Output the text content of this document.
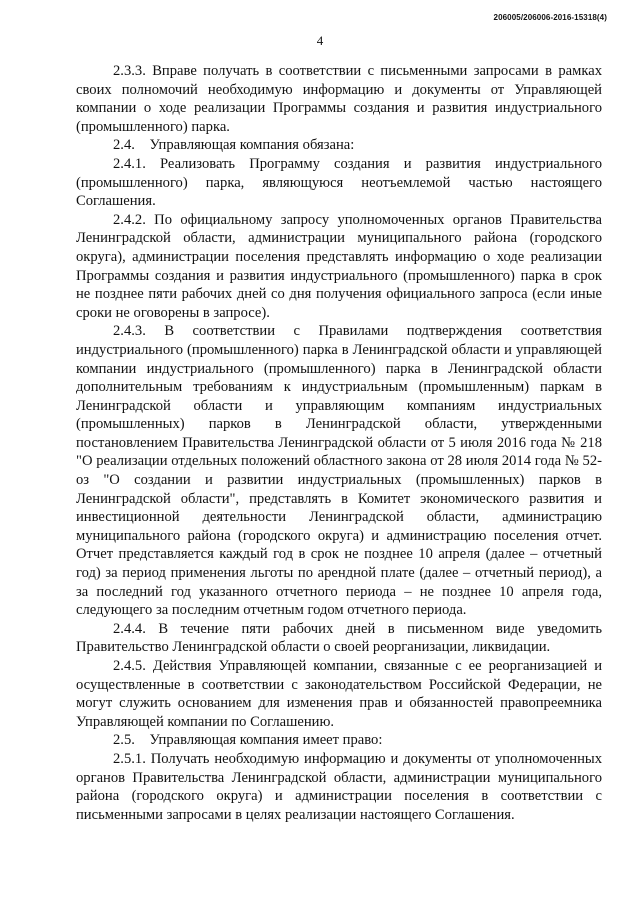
206005/206006-2016-15318(4)
4

2.3.3. Вправе получать в соответствии с письменными запросами в рамках своих полномочий необходимую информацию и документы от Управляющей компании о ходе реализации Программы создания и развития индустриального (промышленного) парка.

2.4.    Управляющая компания обязана:

2.4.1. Реализовать Программу создания и развития индустриального (промышленного) парка, являющуюся неотъемлемой частью настоящего Соглашения.

2.4.2. По официальному запросу уполномоченных органов Правительства Ленинградской области, администрации муниципального района (городского округа), администрации поселения представлять информацию о ходе реализации Программы создания и развития индустриального (промышленного) парка в срок не позднее пяти рабочих дней со дня получения официального запроса (если иные сроки не оговорены в запросе).

2.4.3. В соответствии с Правилами подтверждения соответствия индустриального (промышленного) парка в Ленинградской области и управляющей компании индустриального (промышленного) парка в Ленинградской области дополнительным требованиям к индустриальным (промышленным) паркам в Ленинградской области и управляющим компаниям индустриальных (промышленных) парков в Ленинградской области, утвержденными постановлением Правительства Ленинградской области от 5 июля 2016 года № 218 "О реализации отдельных положений областного закона от 28 июля 2014 года № 52-оз "О создании и развитии индустриальных (промышленных) парков в Ленинградской области", представлять в Комитет экономического развития и инвестиционной деятельности Ленинградской области, администрацию муниципального района (городского округа) и администрацию поселения отчет. Отчет представляется каждый год в срок не позднее 10 апреля (далее – отчетный год) за период применения льготы по арендной плате (далее – отчетный период), а за последний год указанного отчетного периода – не позднее 10 апреля года, следующего за последним отчетным годом отчетного периода.

2.4.4. В течение пяти рабочих дней в письменном виде уведомить Правительство Ленинградской области о своей реорганизации, ликвидации.

2.4.5. Действия Управляющей компании, связанные с ее реорганизацией и осуществленные в соответствии с законодательством Российской Федерации, не могут служить основанием для изменения прав и обязанностей правопреемника Управляющей компании по Соглашению.

2.5.    Управляющая компания имеет право:

2.5.1. Получать необходимую информацию и документы от уполномоченных органов Правительства Ленинградской области, администрации муниципального района (городского округа) и администрации поселения в соответствии с письменными запросами в целях реализации настоящего Соглашения.
